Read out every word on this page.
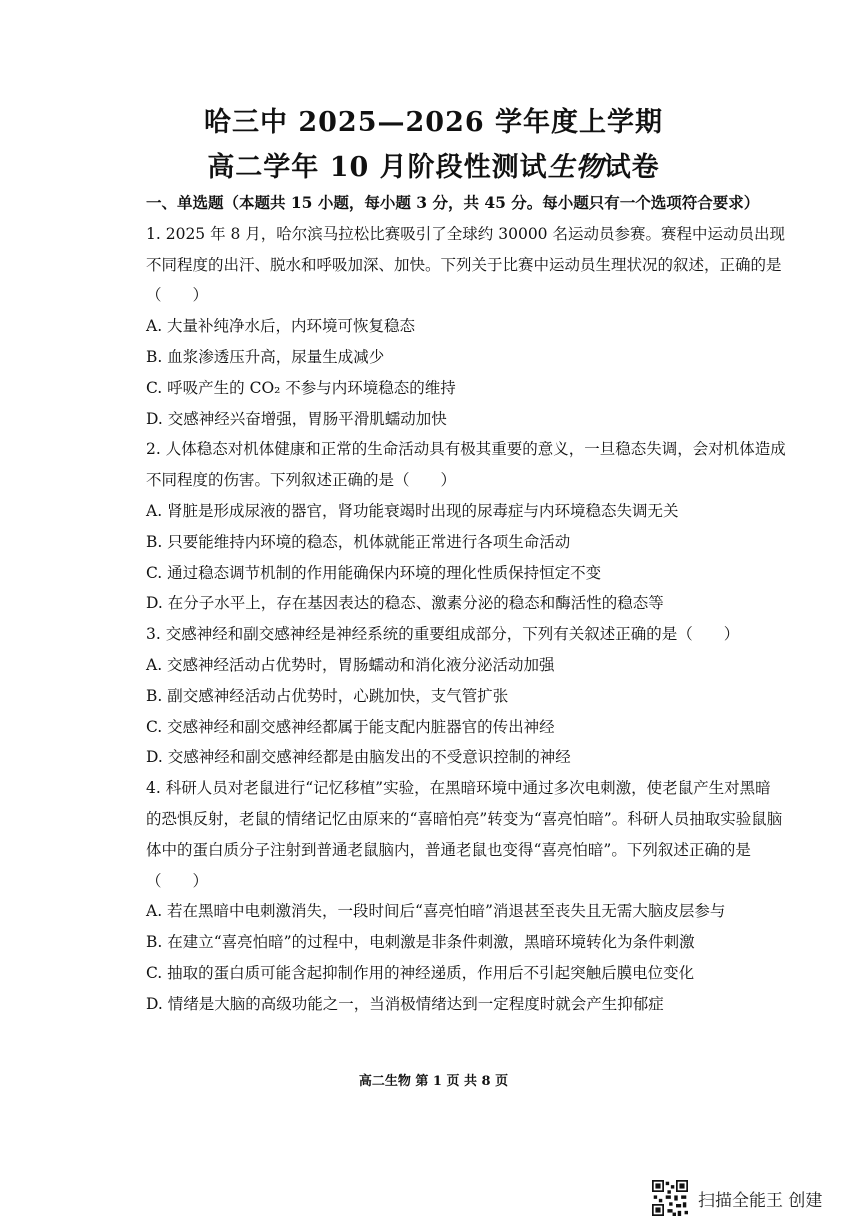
哈三中 2025—2026 学年度上学期
高二学年 10 月阶段性测试生物试卷
一、单选题（本题共 15 小题，每小题 3 分，共 45 分。每小题只有一个选项符合要求）
1. 2025 年 8 月，哈尔滨马拉松比赛吸引了全球约 30000 名运动员参赛。赛程中运动员出现不同程度的出汗、脱水和呼吸加深、加快。下列关于比赛中运动员生理状况的叙述，正确的是（　　）
A. 大量补纯净水后，内环境可恢复稳态
B. 血浆渗透压升高，尿量生成减少
C. 呼吸产生的 CO₂ 不参与内环境稳态的维持
D. 交感神经兴奋增强，胃肠平滑肌蠕动加快
2. 人体稳态对机体健康和正常的生命活动具有极其重要的意义，一旦稳态失调，会对机体造成不同程度的伤害。下列叙述正确的是（　　）
A. 肾脏是形成尿液的器官，肾功能衰竭时出现的尿毒症与内环境稳态失调无关
B. 只要能维持内环境的稳态，机体就能正常进行各项生命活动
C. 通过稳态调节机制的作用能确保内环境的理化性质保持恒定不变
D. 在分子水平上，存在基因表达的稳态、激素分泌的稳态和酶活性的稳态等
3. 交感神经和副交感神经是神经系统的重要组成部分，下列有关叙述正确的是（　　）
A. 交感神经活动占优势时，胃肠蠕动和消化液分泌活动加强
B. 副交感神经活动占优势时，心跳加快，支气管扩张
C. 交感神经和副交感神经都属于能支配内脏器官的传出神经
D. 交感神经和副交感神经都是由脑发出的不受意识控制的神经
4. 科研人员对老鼠进行“记忆移植”实验，在黑暗环境中通过多次电刺激，使老鼠产生对黑暗的恐惧反射，老鼠的情绪记忆由原来的“喜暗怕亮”转变为“喜亮怕暗”。科研人员抽取实验鼠脑体中的蛋白质分子注射到普通老鼠脑内，普通老鼠也变得“喜亮怕暗”。下列叙述正确的是（　　）
A. 若在黑暗中电刺激消失，一段时间后“喜亮怕暗”消退甚至丧失且无需大脑皮层参与
B. 在建立“喜亮怕暗”的过程中，电刺激是非条件刺激，黑暗环境转化为条件刺激
C. 抽取的蛋白质可能含起抑制作用的神经递质，作用后不引起突触后膜电位变化
D. 情绪是大脑的高级功能之一，当消极情绪达到一定程度时就会产生抑郁症
高二生物 第 1 页 共 8 页
扫描全能王 创建
